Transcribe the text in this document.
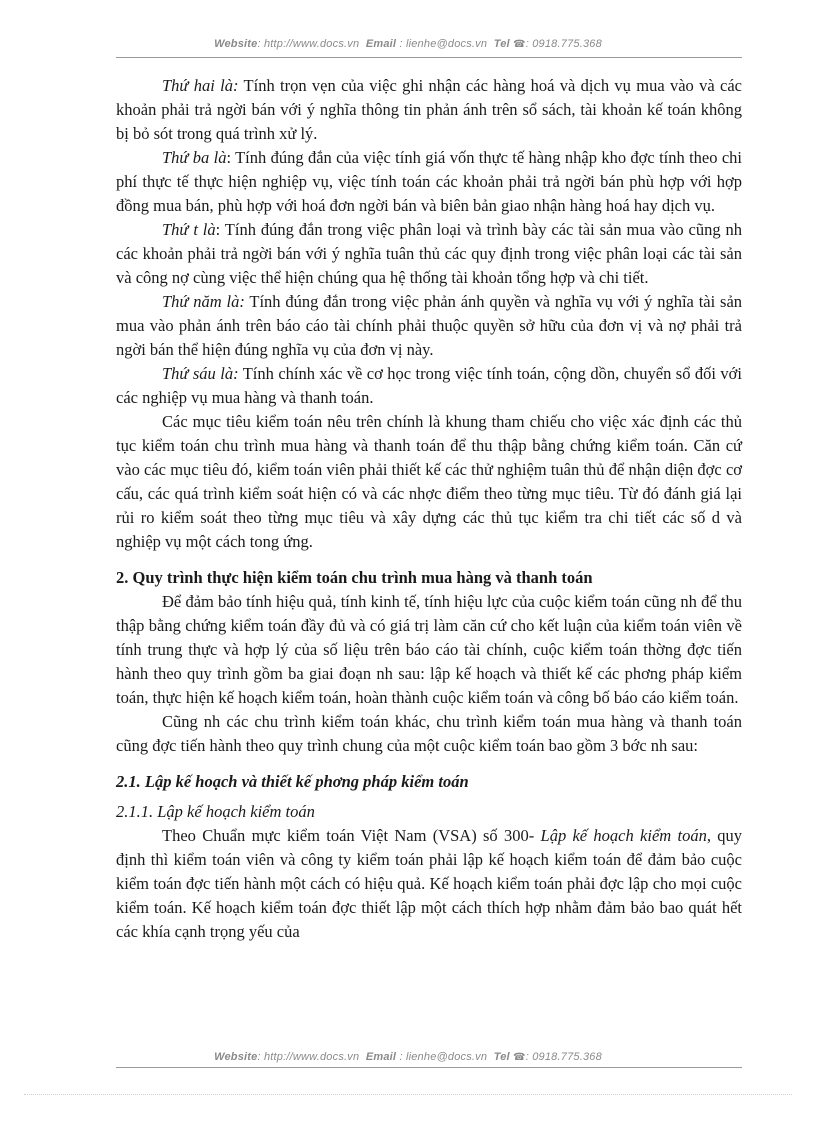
Website: http://www.docs.vn Email : lienhe@docs.vn Tel ☎: 0918.775.368

Thứ hai là: Tính trọn vẹn của việc ghi nhận các hàng hoá và dịch vụ mua vào và các khoản phải trả ngời bán với ý nghĩa thông tin phản ánh trên sổ sách, tài khoản kế toán không bị bỏ sót trong quá trình xử lý.

Thứ ba là: Tính đúng đắn của việc tính giá vốn thực tế hàng nhập kho đợc tính theo chi phí thực tế thực hiện nghiệp vụ, việc tính toán các khoản phải trả ngời bán phù hợp với hợp đồng mua bán, phù hợp với hoá đơn ngời bán và biên bản giao nhận hàng hoá hay dịch vụ.

Thứ t là: Tính đúng đắn trong việc phân loại và trình bày các tài sản mua vào cũng nh các khoản phải trả ngời bán với ý nghĩa tuân thủ các quy định trong việc phân loại các tài sản và công nợ cùng việc thể hiện chúng qua hệ thống tài khoản tổng hợp và chi tiết.

Thứ năm là: Tính đúng đắn trong việc phản ánh quyền và nghĩa vụ với ý nghĩa tài sản mua vào phản ánh trên báo cáo tài chính phải thuộc quyền sở hữu của đơn vị và nợ phải trả ngời bán thể hiện đúng nghĩa vụ của đơn vị này.

Thứ sáu là: Tính chính xác về cơ học trong việc tính toán, cộng dồn, chuyển sổ đối với các nghiệp vụ mua hàng và thanh toán.

Các mục tiêu kiểm toán nêu trên chính là khung tham chiếu cho việc xác định các thủ tục kiểm toán chu trình mua hàng và thanh toán để thu thập bằng chứng kiểm toán. Căn cứ vào các mục tiêu đó, kiểm toán viên phải thiết kế các thử nghiệm tuân thủ để nhận diện đợc cơ cấu, các quá trình kiểm soát hiện có và các nhợc điểm theo từng mục tiêu. Từ đó đánh giá lại rủi ro kiểm soát theo từng mục tiêu và xây dựng các thủ tục kiểm tra chi tiết các số d và nghiệp vụ một cách tong ứng.

2. Quy trình thực hiện kiểm toán chu trình mua hàng và thanh toán

Để đảm bảo tính hiệu quả, tính kinh tế, tính hiệu lực của cuộc kiểm toán cũng nh để thu thập bằng chứng kiểm toán đầy đủ và có giá trị làm căn cứ cho kết luận của kiểm toán viên về tính trung thực và hợp lý của số liệu trên báo cáo tài chính, cuộc kiểm toán thờng đợc tiến hành theo quy trình gồm ba giai đoạn nh sau: lập kế hoạch và thiết kế các phơng pháp kiểm toán, thực hiện kế hoạch kiểm toán, hoàn thành cuộc kiểm toán và công bố báo cáo kiểm toán.

Cũng nh các chu trình kiểm toán khác, chu trình kiểm toán mua hàng và thanh toán cũng đợc tiến hành theo quy trình chung của một cuộc kiểm toán bao gồm 3 bớc nh sau:

2.1. Lập kế hoạch và thiết kế phơng pháp kiểm toán
2.1.1. Lập kế hoạch kiểm toán

Theo Chuẩn mực kiểm toán Việt Nam (VSA) số 300- Lập kế hoạch kiểm toán, quy định thì kiểm toán viên và công ty kiểm toán phải lập kế hoạch kiểm toán để đảm bảo cuộc kiểm toán đợc tiến hành một cách có hiệu quả. Kế hoạch kiểm toán phải đợc lập cho mọi cuộc kiểm toán. Kế hoạch kiểm toán đợc thiết lập một cách thích hợp nhằm đảm bảo bao quát hết các khía cạnh trọng yếu của

Website: http://www.docs.vn Email : lienhe@docs.vn Tel ☎: 0918.775.368
